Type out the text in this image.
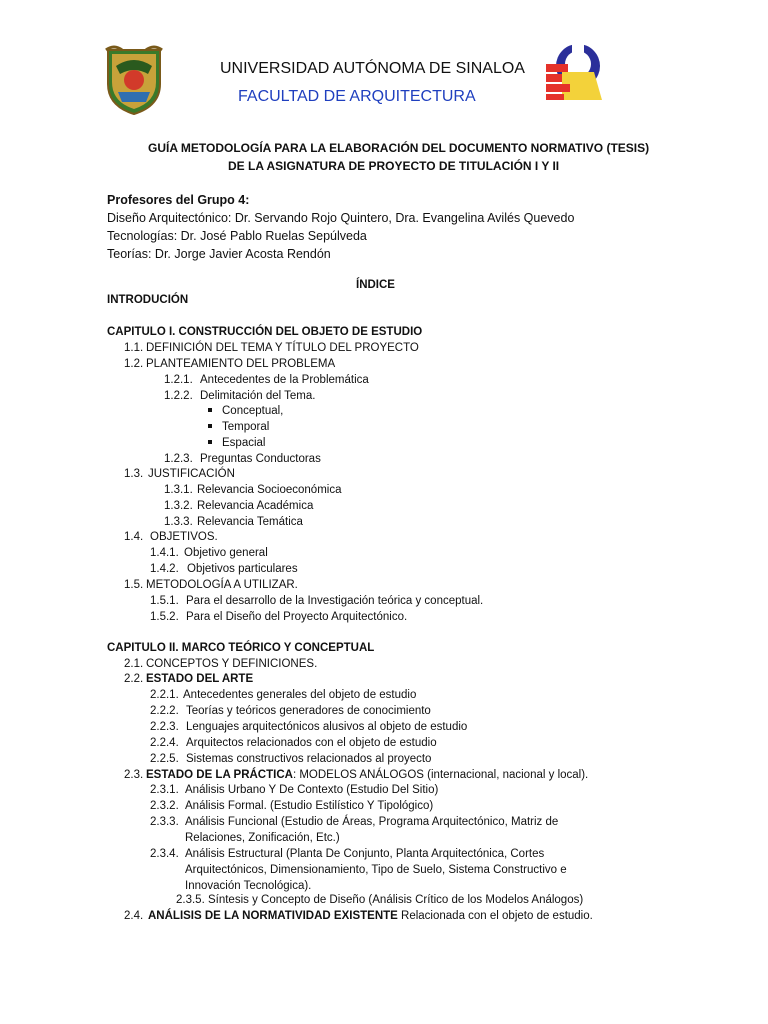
UNIVERSIDAD AUTÓNOMA DE SINALOA
FACULTAD DE ARQUITECTURA
GUÍA METODOLOGÍA PARA LA ELABORACIÓN DEL DOCUMENTO NORMATIVO (TESIS)
DE LA ASIGNATURA DE PROYECTO DE TITULACIÓN I Y II
Profesores del Grupo 4:
Diseño Arquitectónico: Dr. Servando Rojo Quintero, Dra. Evangelina Avilés Quevedo
Tecnologías: Dr. José Pablo Ruelas Sepúlveda
Teorías: Dr. Jorge Javier Acosta Rendón
ÍNDICE
INTRODUCIÓN
CAPITULO I. CONSTRUCCIÓN DEL OBJETO DE ESTUDIO
1.1. DEFINICIÓN DEL TEMA Y TÍTULO DEL PROYECTO
1.2. PLANTEAMIENTO DEL PROBLEMA
1.2.1. Antecedentes de la Problemática
1.2.2. Delimitación del Tema.
Conceptual,
Temporal
Espacial
1.2.3. Preguntas Conductoras
1.3. JUSTIFICACIÓN
1.3.1. Relevancia Socioeconómica
1.3.2. Relevancia Académica
1.3.3. Relevancia Temática
1.4. OBJETIVOS.
1.4.1. Objetivo general
1.4.2. Objetivos particulares
1.5. METODOLOGÍA A UTILIZAR.
1.5.1. Para el desarrollo de la Investigación teórica y conceptual.
1.5.2. Para el Diseño del Proyecto Arquitectónico.
CAPITULO II. MARCO TEÓRICO Y CONCEPTUAL
2.1. CONCEPTOS Y DEFINICIONES.
2.2. ESTADO DEL ARTE
2.2.1. Antecedentes generales del objeto de estudio
2.2.2. Teorías y teóricos generadores de conocimiento
2.2.3. Lenguajes arquitectónicos alusivos al objeto de estudio
2.2.4. Arquitectos relacionados con el objeto de estudio
2.2.5. Sistemas constructivos relacionados al proyecto
2.3. ESTADO DE LA PRÁCTICA: MODELOS ANÁLOGOS (internacional, nacional y local).
2.3.1. Análisis Urbano Y De Contexto (Estudio Del Sitio)
2.3.2. Análisis Formal. (Estudio Estilístico Y Tipológico)
2.3.3. Análisis Funcional (Estudio de Áreas, Programa Arquitectónico, Matriz de
Relaciones, Zonificación, Etc.)
2.3.4. Análisis Estructural (Planta De Conjunto, Planta Arquitectónica, Cortes
Arquitectónicos, Dimensionamiento, Tipo de Suelo, Sistema Constructivo e
Innovación Tecnológica).
2.3.5. Síntesis y Concepto de Diseño (Análisis Crítico de los Modelos Análogos)
2.4. ANÁLISIS DE LA NORMATIVIDAD EXISTENTE Relacionada con el objeto de estudio.
